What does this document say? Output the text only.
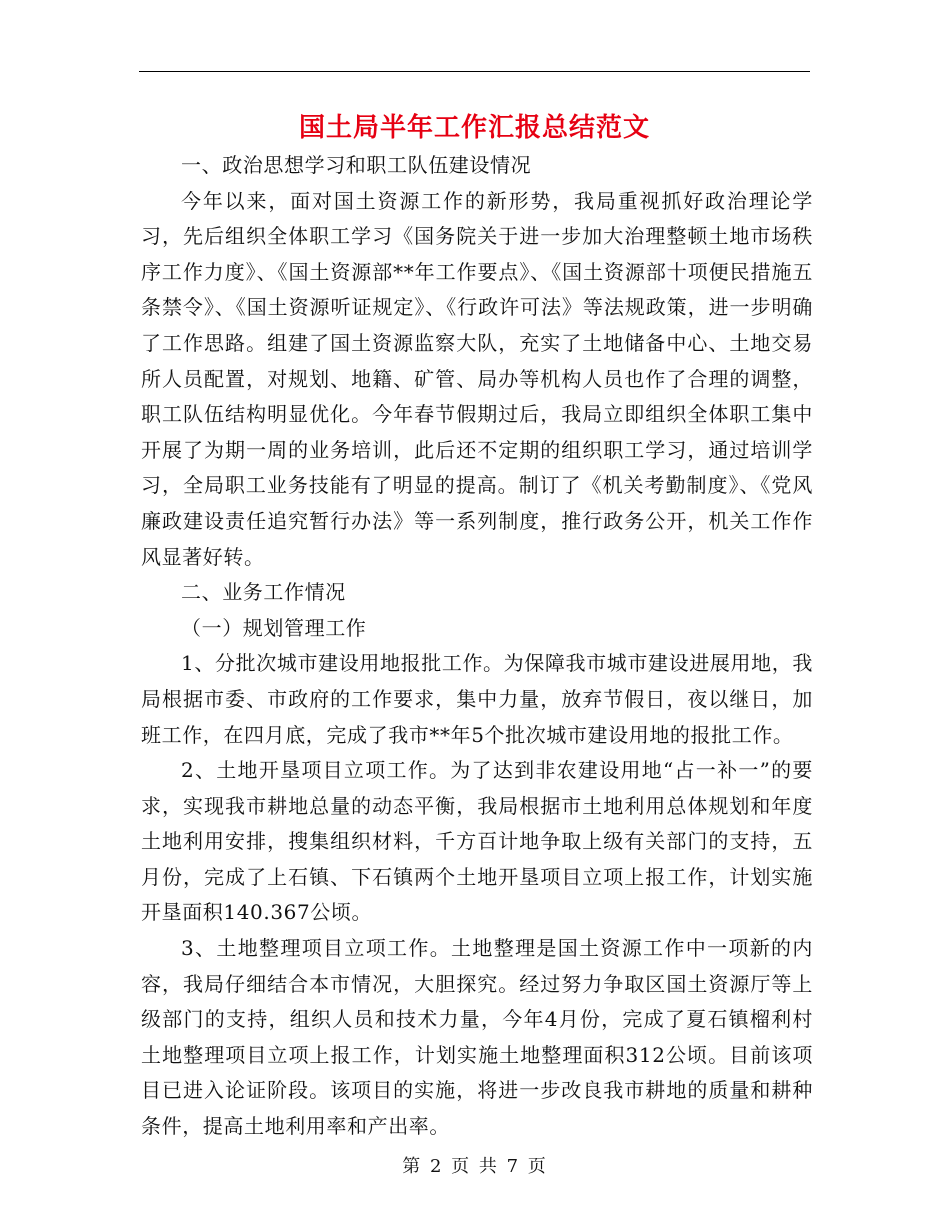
国土局半年工作汇报总结范文

一、政治思想学习和职工队伍建设情况

今年以来，面对国土资源工作的新形势，我局重视抓好政治理论学习，先后组织全体职工学习《国务院关于进一步加大治理整顿土地市场秩序工作力度》、《国土资源部**年工作要点》、《国土资源部十项便民措施五条禁令》、《国土资源听证规定》、《行政许可法》等法规政策，进一步明确了工作思路。组建了国土资源监察大队，充实了土地储备中心、土地交易所人员配置，对规划、地籍、矿管、局办等机构人员也作了合理的调整，职工队伍结构明显优化。今年春节假期过后，我局立即组织全体职工集中开展了为期一周的业务培训，此后还不定期的组织职工学习，通过培训学习，全局职工业务技能有了明显的提高。制订了《机关考勤制度》、《党风廉政建设责任追究暂行办法》等一系列制度，推行政务公开，机关工作作风显著好转。

二、业务工作情况

（一）规划管理工作

1、分批次城市建设用地报批工作。为保障我市城市建设进展用地，我局根据市委、市政府的工作要求，集中力量，放弃节假日，夜以继日，加班工作，在四月底，完成了我市**年5个批次城市建设用地的报批工作。

2、土地开垦项目立项工作。为了达到非农建设用地“占一补一”的要求，实现我市耕地总量的动态平衡，我局根据市土地利用总体规划和年度土地利用安排，搜集组织材料，千方百计地争取上级有关部门的支持，五月份，完成了上石镇、下石镇两个土地开垦项目立项上报工作，计划实施开垦面积140.367公顷。

3、土地整理项目立项工作。土地整理是国土资源工作中一项新的内容，我局仔细结合本市情况，大胆探究。经过努力争取区国土资源厅等上级部门的支持，组织人员和技术力量，今年4月份，完成了夏石镇榴利村土地整理项目立项上报工作，计划实施土地整理面积312公顷。目前该项目已进入论证阶段。该项目的实施，将进一步改良我市耕地的质量和耕种条件，提高土地利用率和产出率。

第 2 页 共 7 页
